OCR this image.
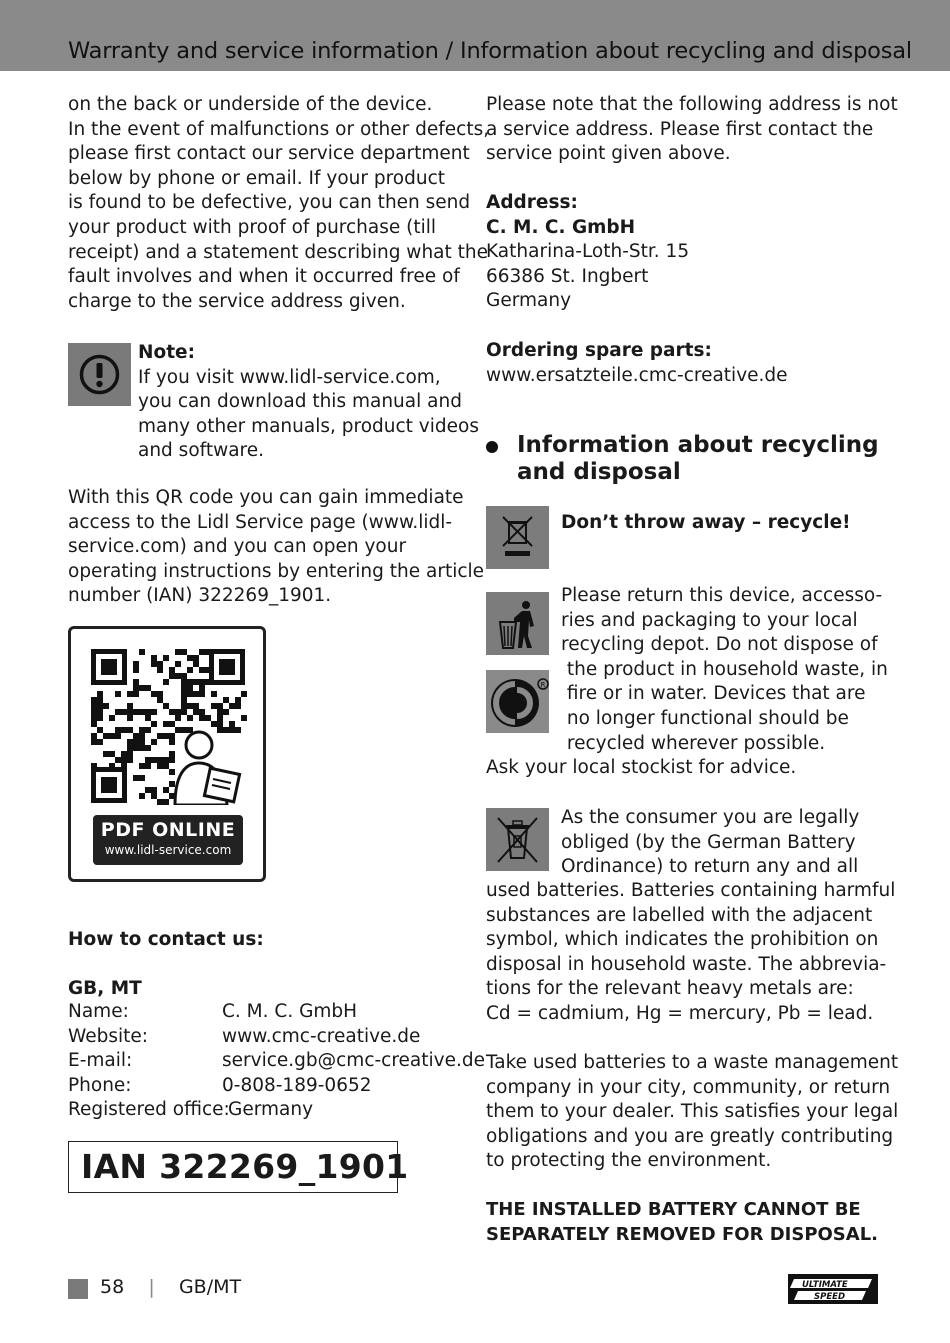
Warranty and service information / Information about recycling and disposal
on the back or underside of the device.
In the event of malfunctions or other defects,
please first contact our service department
below by phone or email. If your product
is found to be defective, you can then send
your product with proof of purchase (till
receipt) and a statement describing what the
fault involves and when it occurred free of
charge to the service address given.
Note:
If you visit www.lidl-service.com,
you can download this manual and
many other manuals, product videos
and software.
With this QR code you can gain immediate
access to the Lidl Service page (www.lidl-
service.com) and you can open your
operating instructions by entering the article
number (IAN) 322269_1901.
PDF ONLINE
www.lidl-service.com
How to contact us:
GB, MT
Name:	C. M. C. GmbH
Website:	www.cmc-creative.de
E-mail:	service.gb@cmc-creative.de
Phone:	0-808-189-0652
Registered office:
Germany
IAN 322269_1901
Please note that the following address is not
a service address. Please first contact the
service point given above.
Address:
C. M. C. GmbH
Katharina-Loth-Str. 15
66386 St. Ingbert
Germany
Ordering spare parts:
www.ersatzteile.cmc-creative.de
Information about recycling
and disposal
Don’t throw away – recycle!
R
Please return this device, accesso-
ries and packaging to your local
recycling depot. Do not dispose of
the product in household waste, in
fire or in water. Devices that are
no longer functional should be
recycled wherever possible.
Ask your local stockist for advice.
As the consumer you are legally
obliged (by the German Battery
Ordinance) to return any and all
used batteries. Batteries containing harmful
substances are labelled with the adjacent
symbol, which indicates the prohibition on
disposal in household waste. The abbrevia-
tions for the relevant heavy metals are:
Cd = cadmium, Hg = mercury, Pb = lead.
Take used batteries to a waste management
company in your city, community, or return
them to your dealer. This satisfies your legal
obligations and you are greatly contributing
to protecting the environment.
THE INSTALLED BATTERY CANNOT BE
SEPARATELY REMOVED FOR DISPOSAL.
58 | GB/MT	ULTIMATE
SPEED
